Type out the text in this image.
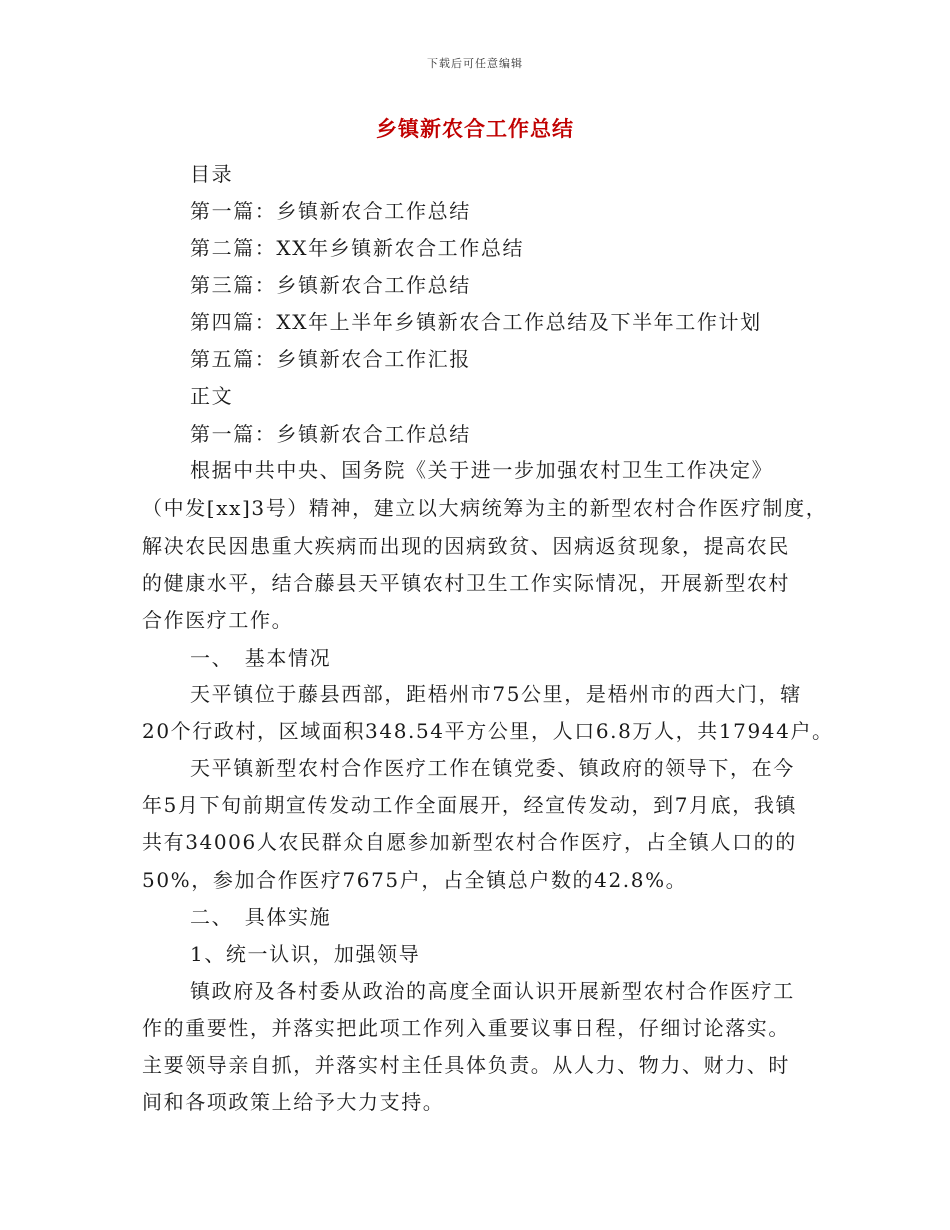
下载后可任意编辑
乡镇新农合工作总结
目录
第一篇：乡镇新农合工作总结
第二篇：XX年乡镇新农合工作总结
第三篇：乡镇新农合工作总结
第四篇：XX年上半年乡镇新农合工作总结及下半年工作计划
第五篇：乡镇新农合工作汇报
正文
第一篇：乡镇新农合工作总结
根据中共中央、国务院《关于进一步加强农村卫生工作决定》
（中发[xx]3号）精神，建立以大病统筹为主的新型农村合作医疗制度，
解决农民因患重大疾病而出现的因病致贫、因病返贫现象，提高农民
的健康水平，结合藤县天平镇农村卫生工作实际情况，开展新型农村
合作医疗工作。
一、　基本情况
天平镇位于藤县西部，距梧州市75公里，是梧州市的西大门，辖
20个行政村，区域面积348.54平方公里，人口6.8万人，共17944户。
天平镇新型农村合作医疗工作在镇党委、镇政府的领导下，在今
年5月下旬前期宣传发动工作全面展开，经宣传发动，到7月底，我镇
共有34006人农民群众自愿参加新型农村合作医疗，占全镇人口的的
50%，参加合作医疗7675户，占全镇总户数的42.8%。
二、　具体实施
1、统一认识，加强领导
镇政府及各村委从政治的高度全面认识开展新型农村合作医疗工
作的重要性，并落实把此项工作列入重要议事日程，仔细讨论落实。
主要领导亲自抓，并落实村主任具体负责。从人力、物力、财力、时
间和各项政策上给予大力支持。
